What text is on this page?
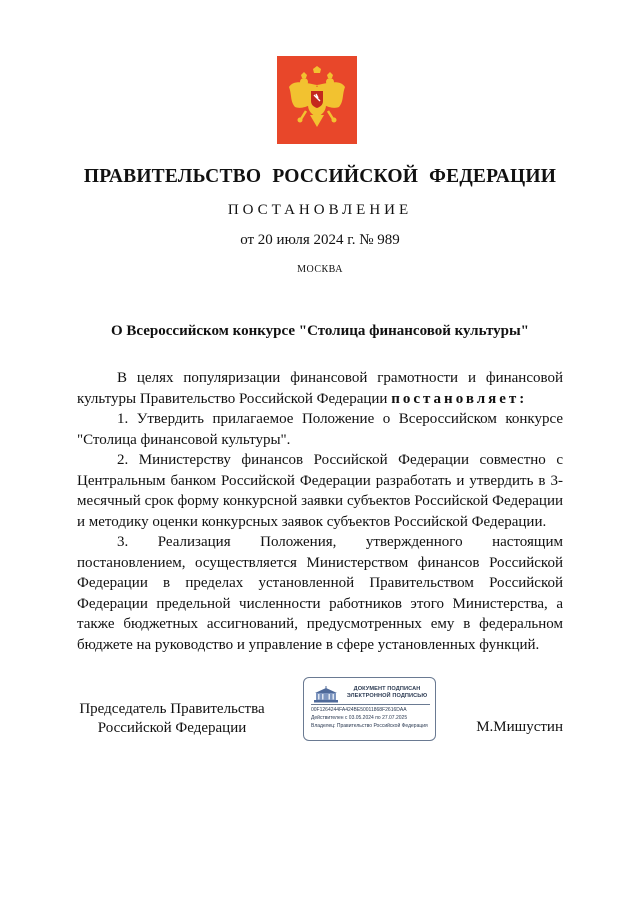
ПРАВИТЕЛЬСТВО РОССИЙСКОЙ ФЕДЕРАЦИИ
ПОСТАНОВЛЕНИЕ
от 20 июля 2024 г. № 989
МОСКВА
О Всероссийском конкурсе "Столица финансовой культуры"

В целях популяризации финансовой грамотности и финансовой культуры Правительство Российской Федерации постановляет:

1. Утвердить прилагаемое Положение о Всероссийском конкурсе "Столица финансовой культуры".

2. Министерству финансов Российской Федерации совместно с Центральным банком Российской Федерации разработать и утвердить в 3-месячный срок форму конкурсной заявки субъектов Российской Федерации и методику оценки конкурсных заявок субъектов Российской Федерации.

3. Реализация Положения, утвержденного настоящим постановлением, осуществляется Министерством финансов Российской Федерации в пределах установленной Правительством Российской Федерации предельной численности работников этого Министерства, а также бюджетных ассигнований, предусмотренных ему в федеральном бюджете на руководство и управление в сфере установленных функций.

Председатель Правительства
Российской Федерации
ДОКУМЕНТ ПОДПИСАН
ЭЛЕКТРОННОЙ ПОДПИСЬЮ
00F1264244FA424BE50011868F2616DAA
Действителен с 03.05.2024 по 27.07.2025
Владелец: Правительство Российской Федерация	М.Мишустин
